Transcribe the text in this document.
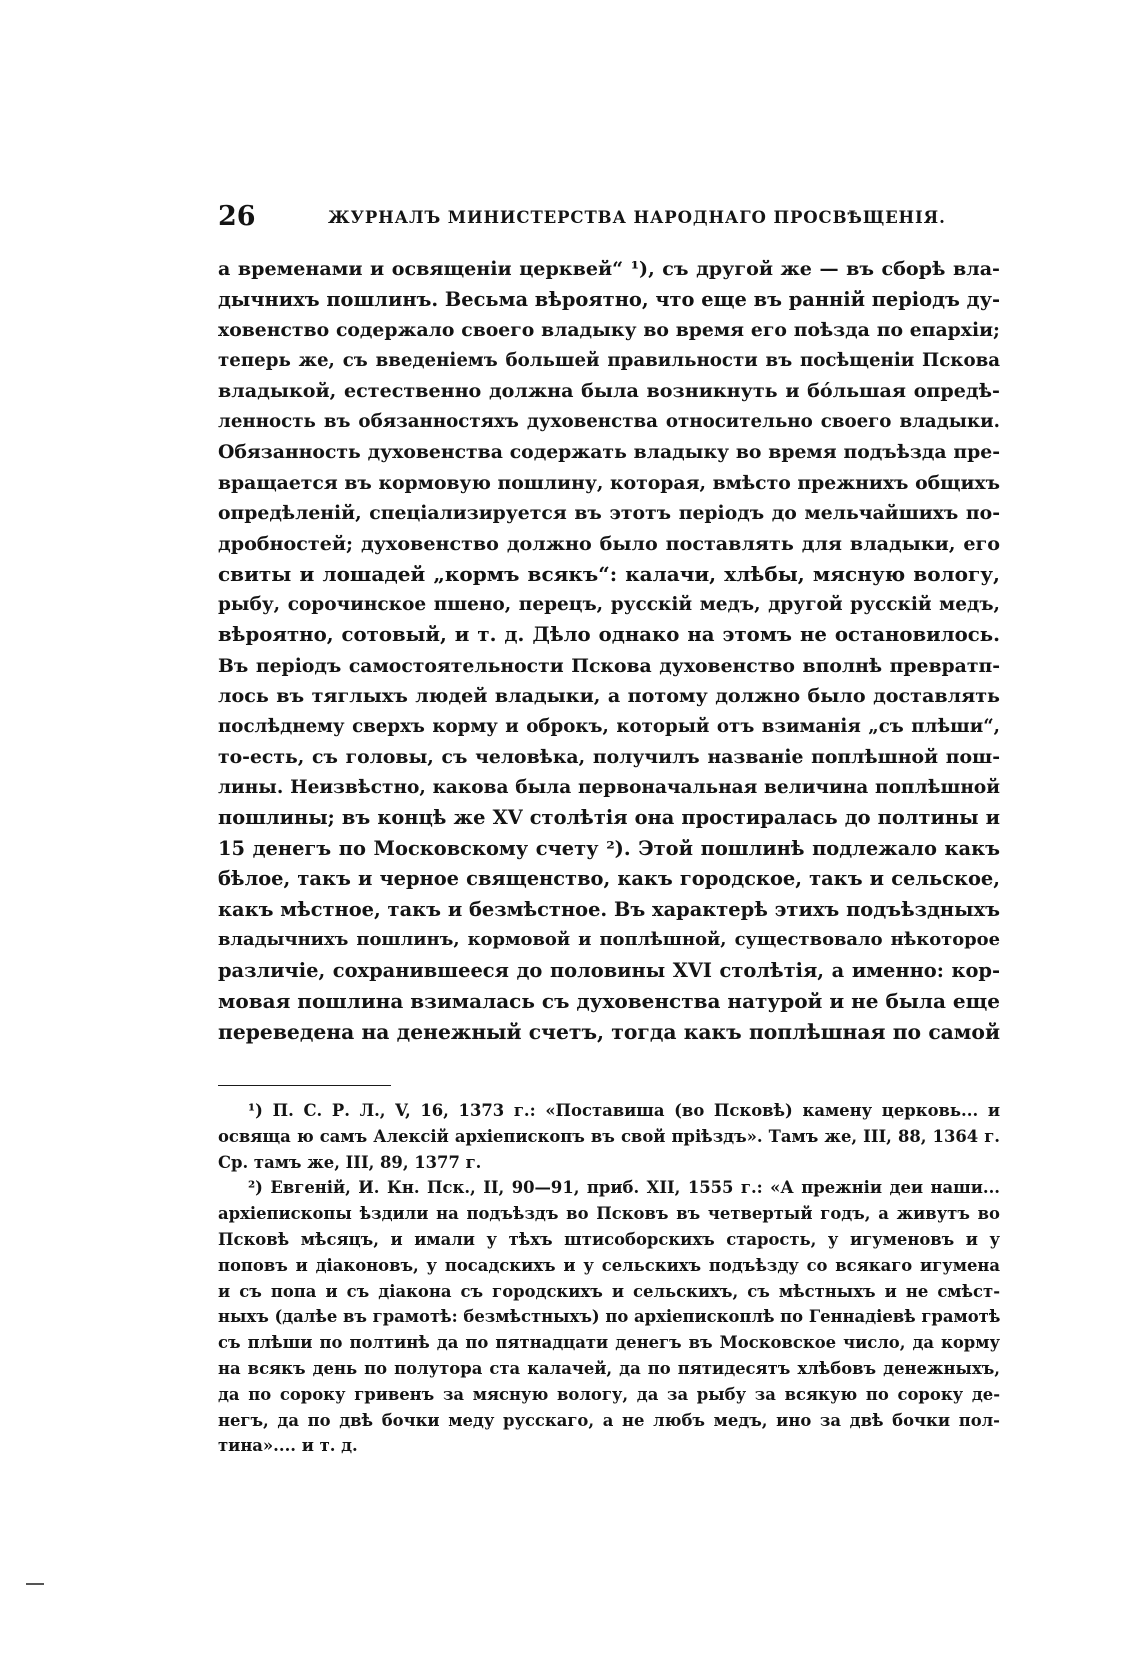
26	ЖУРНАЛЪ МИНИСТЕРСТВА НАРОДНАГО ПРОСВѢЩЕНІЯ.
а временами и освященіи церквей“ ¹), съ другой же — въ сборѣ вла-
дычнихъ пошлинъ. Весьма вѣроятно, что еще въ ранній періодъ ду-
ховенство содержало своего владыку во время его поѣзда по епархіи;
теперь же, съ введеніемъ большей правильности въ посѣщеніи Пскова
владыкой, естественно должна была возникнуть и бо́льшая опредѣ-
ленность въ обязанностяхъ духовенства относительно своего владыки.
Обязанность духовенства содержать владыку во время подъѣзда пре-
вращается въ кормовую пошлину, которая, вмѣсто прежнихъ общихъ
опредѣленій, спеціализируется въ этотъ періодъ до мельчайшихъ по-
дробностей; духовенство должно было поставлять для владыки, его
свиты и лошадей „кормъ всякъ“: калачи, хлѣбы, мясную вологу,
рыбу, сорочинское пшено, перецъ, русскій медъ, другой русскій медъ,
вѣроятно, сотовый, и т. д. Дѣло однако на этомъ не остановилось.
Въ періодъ самостоятельности Пскова духовенство вполнѣ превратп-
лось въ тяглыхъ людей владыки, а потому должно было доставлять
послѣднему сверхъ корму и оброкъ, который отъ взиманія „съ плѣши“,
то-есть, съ головы, съ человѣка, получилъ названіе поплѣшной пош-
лины. Неизвѣстно, какова была первоначальная величина поплѣшной
пошлины; въ концѣ же XV столѣтія она простиралась до полтины и
15 денегъ по Московскому счету ²). Этой пошлинѣ подлежало какъ
бѣлое, такъ и черное священство, какъ городское, такъ и сельское,
какъ мѣстное, такъ и безмѣстное. Въ характерѣ этихъ подъѣздныхъ
владычнихъ пошлинъ, кормовой и поплѣшной, существовало нѣкоторое
различіе, сохранившееся до половины XVI столѣтія, а именно: кор-
мовая пошлина взималась съ духовенства натурой и не была еще
переведена на денежный счетъ, тогда какъ поплѣшная по самой
¹) П. С. Р. Л., V, 16, 1373 г.: «Поставиша (во Псковѣ) камену церковь... и
освяща ю самъ Алексій архіепископъ въ свой пріѣздъ». Тамъ же, III, 88, 1364 г.
Ср. тамъ же, III, 89, 1377 г.
²) Евгеній, И. Кн. Пск., II, 90—91, приб. XII, 1555 г.: «А прежніи деи наши...
архіепископы ѣздили на подъѣздъ во Псковъ въ четвертый годъ, а живутъ во
Псковѣ мѣсяцъ, и имали у тѣхъ штисоборскихъ старость, у игуменовъ и у
поповъ и діаконовъ, у посадскихъ и у сельскихъ подъѣзду со всякаго игумена
и съ попа и съ діакона съ городскихъ и сельскихъ, съ мѣстныхъ и не смѣст-
ныхъ (далѣе въ грамотѣ: безмѣстныхъ) по архіепископлѣ по Геннадіевѣ грамотѣ
съ плѣши по полтинѣ да по пятнадцати денегъ въ Московское число, да корму
на всякъ день по полутора ста калачей, да по пятидесятъ хлѣбовъ денежныхъ,
да по сороку гривенъ за мясную вологу, да за рыбу за всякую по сороку де-
негъ, да по двѣ бочки меду русскаго, а не любъ медъ, ино за двѣ бочки пол-
тина».... и т. д.
